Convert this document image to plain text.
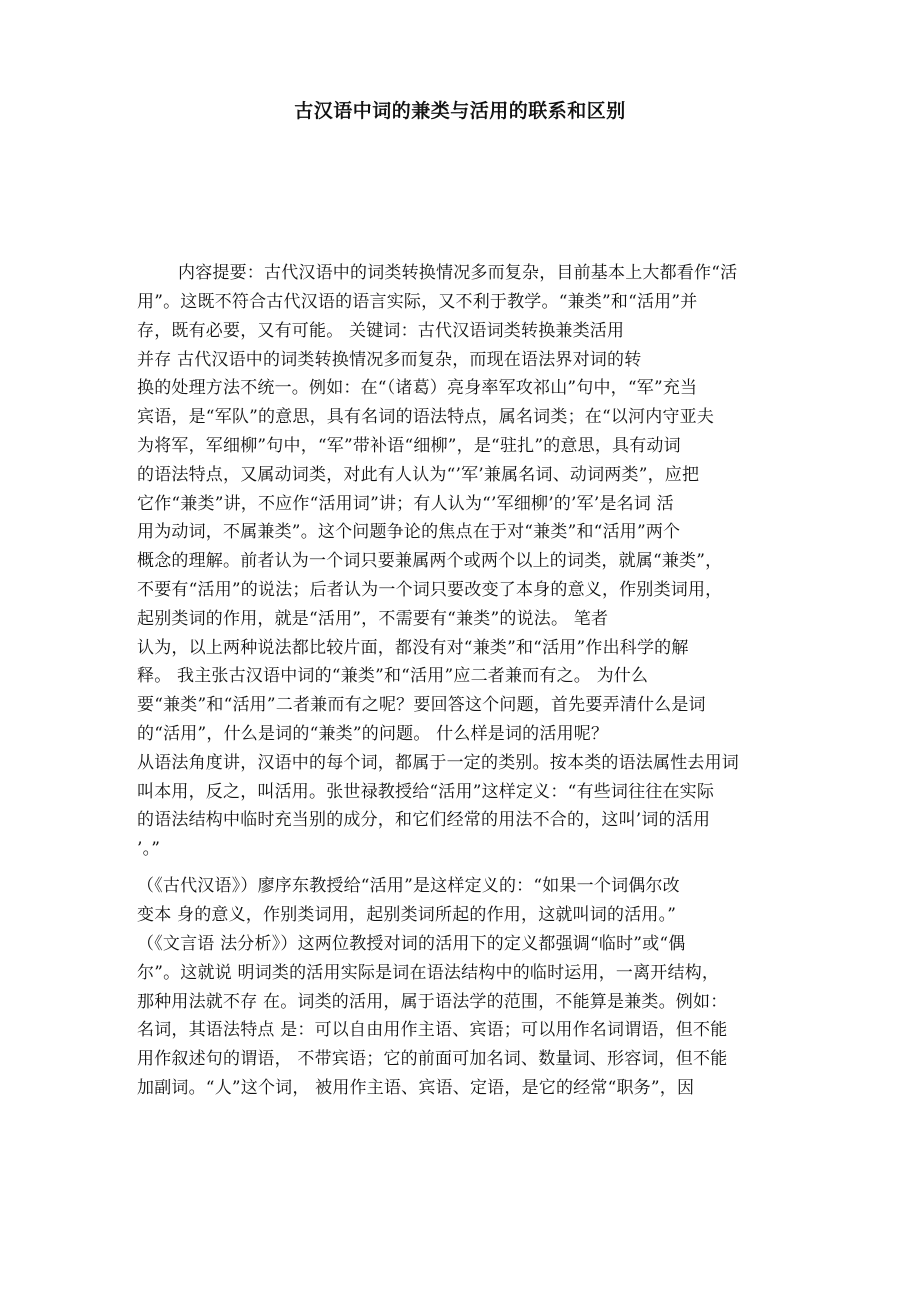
古汉语中词的兼类与活用的联系和区别
内容提要：古代汉语中的词类转换情况多而复杂，目前基本上大都看作“活
用”。这既不符合古代汉语的语言实际，又不利于教学。“兼类”和“活用”并
存，既有必要，又有可能。 关键词：古代汉语词类转换兼类活用
并存 古代汉语中的词类转换情况多而复杂，而现在语法界对词的转
换的处理方法不统一。例如：在“（诸葛）亮身率军攻祁山”句中，“军”充当
宾语，是“军队”的意思，具有名词的语法特点，属名词类；在“以河内守亚夫
为将军，军细柳”句中，“军”带补语“细柳”，是“驻扎”的意思，具有动词
的语法特点，又属动词类，对此有人认为“’军’兼属名词、动词两类”，应把
它作“兼类”讲，不应作“活用词”讲；有人认为“’军细柳’的’军’是名词 活
用为动词，不属兼类”。这个问题争论的焦点在于对“兼类”和“活用”两个
概念的理解。前者认为一个词只要兼属两个或两个以上的词类，就属“兼类”，
不要有“活用”的说法；后者认为一个词只要改变了本身的意义，作别类词用，
起别类词的作用，就是“活用”，不需要有“兼类”的说法。 笔者
认为，以上两种说法都比较片面，都没有对“兼类”和“活用”作出科学的解
释。 我主张古汉语中词的“兼类”和“活用”应二者兼而有之。 为什么
要“兼类”和“活用”二者兼而有之呢？要回答这个问题，首先要弄清什么是词
的“活用”，什么是词的“兼类”的问题。 什么样是词的活用呢？
从语法角度讲，汉语中的每个词，都属于一定的类别。按本类的语法属性去用词
叫本用，反之，叫活用。张世禄教授给“活用”这样定义：“有些词往往在实际
的语法结构中临时充当别的成分，和它们经常的用法不合的，这叫’词的活用
’。”
（《古代汉语》）廖序东教授给“活用”是这样定义的：“如果一个词偶尔改
变本 身的意义，作别类词用，起别类词所起的作用，这就叫词的活用。”
（《文言语 法分析》）这两位教授对词的活用下的定义都强调“临时”或“偶
尔”。这就说 明词类的活用实际是词在语法结构中的临时运用，一离开结构，
那种用法就不存 在。词类的活用，属于语法学的范围，不能算是兼类。例如：
名词，其语法特点 是：可以自由用作主语、宾语；可以用作名词谓语，但不能
用作叙述句的谓语， 不带宾语；它的前面可加名词、数量词、形容词，但不能
加副词。“人”这个词， 被用作主语、宾语、定语，是它的经常“职务”，因
